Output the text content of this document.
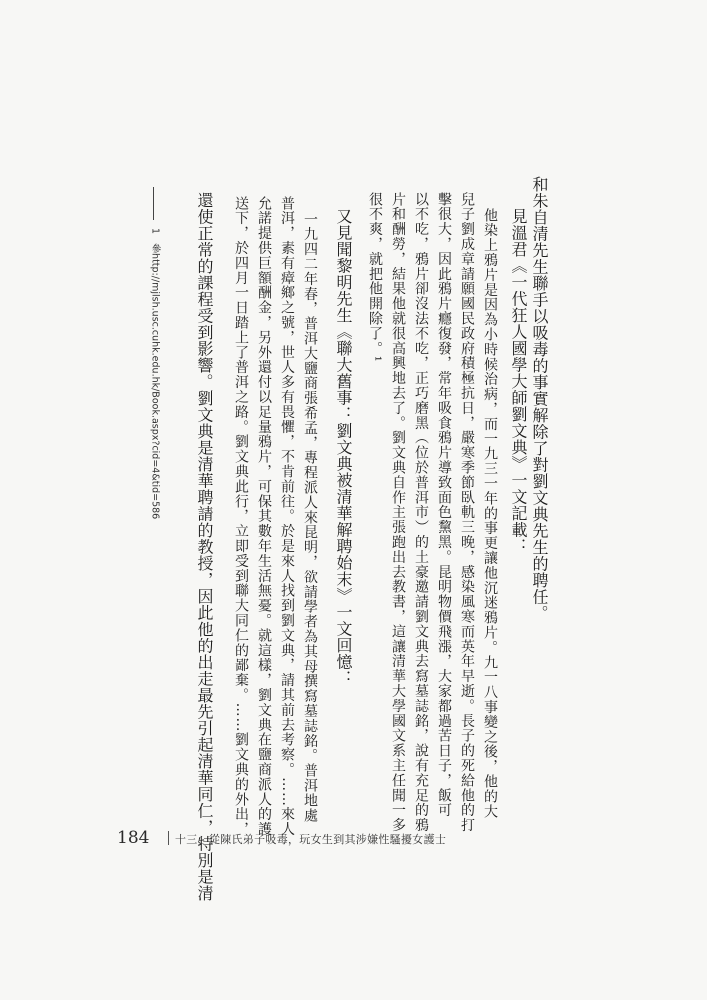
和朱自清先生聯手以吸毒的事實解除了對劉文典先生的聘任。
見溫君《一代狂人國學大師劉文典》一文記載：
他染上鴉片是因為小時候治病，而一九三一年的事更讓他沉迷鴉片。九一八事變之後，他的大
兒子劉成章請願國民政府積極抗日，嚴寒季節臥軌三晚，感染風寒而英年早逝。長子的死給他的打
擊很大，因此鴉片癮復發，常年吸食鴉片導致面色黧黑。昆明物價飛漲，大家都過苦日子，飯可
以不吃，鴉片卻沒法不吃，正巧磨黑（位於普洱市）的土豪邀請劉文典去寫墓誌銘，說有充足的鴉
片和酬勞，結果他就很高興地去了。劉文典自作主張跑出去教書，這讓清華大學國文系主任聞一多
很不爽，就把他開除了。¹
又見聞黎明先生《聯大舊事：劉文典被清華解聘始末》一文回憶：
一九四二年春，普洱大鹽商張希孟，專程派人來昆明，欲請學者為其母撰寫墓誌銘。普洱地處
普洱，素有瘴鄉之號，世人多有畏懼，不肯前往。於是來人找到劉文典，請其前去考察。……來人
允諾提供巨額酬金，另外還付以足量鴉片，可保其數年生活無憂。就這樣，劉文典在鹽商派人的護
送下，於四月一日踏上了普洱之路。劉文典此行，立即受到聯大同仁的鄙棄。……劉文典的外出，
還使正常的課程受到影響。劉文典是清華聘請的教授，因此他的出走最先引起清華同仁，特別是清
1　參http://mjlsh.usc.cuhk.edu.hk/Book.aspx?cid=4&tid=586
184 十三、從陳氏弟子吸毒，玩女生到其涉嫌性騷擾女護士
